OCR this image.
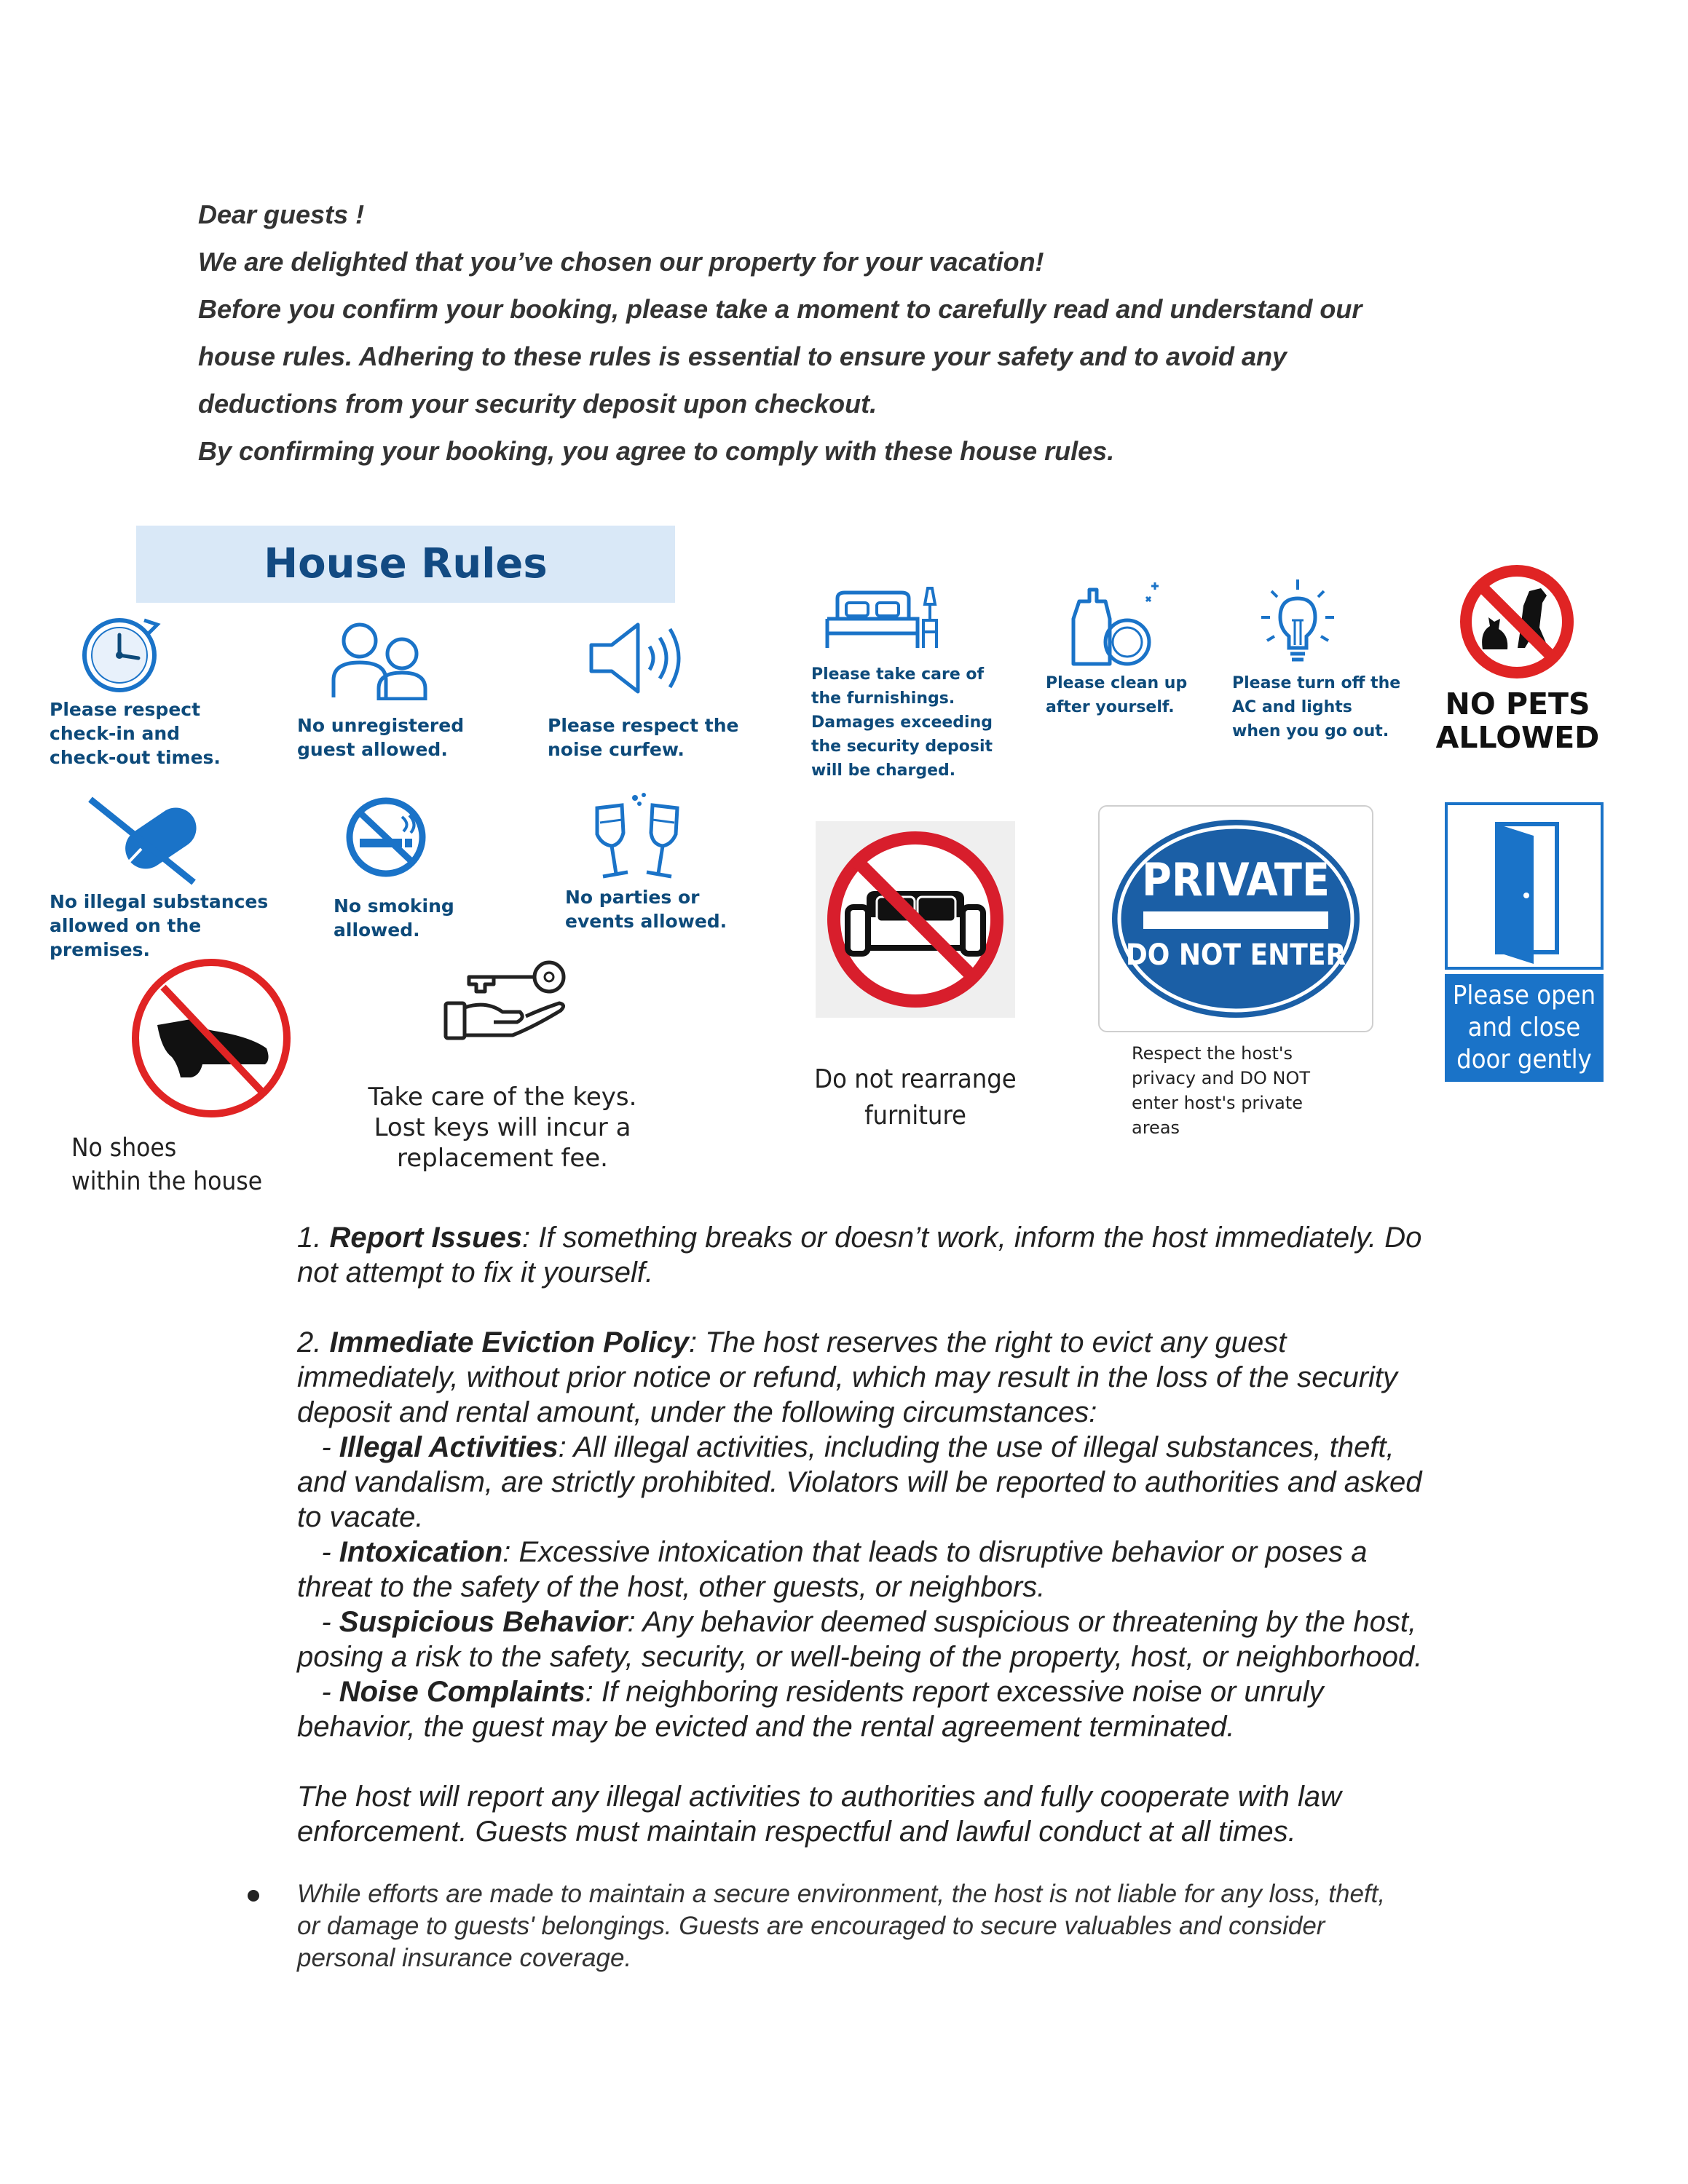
Dear guests !

We are delighted that you’ve chosen our property for your vacation!

Before you confirm your booking, please take a moment to carefully read and understand our

house rules. Adhering to these rules is essential to ensure your safety and to avoid any

deductions from your security deposit upon checkout.

By confirming your booking, you agree to comply with these house rules.

House Rules
Please respect
check-in and
check-out times.
No unregistered
guest allowed.
Please respect the
noise curfew.
Please take care of
the furnishings.
Damages exceeding
the security deposit
will be charged.
Please clean up
after yourself.
Please turn off the
AC and lights
when you go out.
NO PETS
ALLOWED
No illegal substances
allowed on the
premises.
No smoking
allowed.
No parties or
events allowed.
No shoes
within the house
Take care of the keys.
Lost keys will incur a
replacement fee.
Do not rearrange
furniture
PRIVATE
DO NOT ENTER
Respect the host's
privacy and DO NOT
enter host's private
areas
Please open
and close
door gently

1. Report Issues: If something breaks or doesn’t work, inform the host immediately. Do

not attempt to fix it yourself.

2. Immediate Eviction Policy: The host reserves the right to evict any guest

immediately, without prior notice or refund, which may result in the loss of the security

deposit and rental amount, under the following circumstances:

- Illegal Activities: All illegal activities, including the use of illegal substances, theft,

and vandalism, are strictly prohibited. Violators will be reported to authorities and asked

to vacate.

- Intoxication: Excessive intoxication that leads to disruptive behavior or poses a

threat to the safety of the host, other guests, or neighbors.

- Suspicious Behavior: Any behavior deemed suspicious or threatening by the host,

posing a risk to the safety, security, or well-being of the property, host, or neighborhood.

- Noise Complaints: If neighboring residents report excessive noise or unruly

behavior, the guest may be evicted and the rental agreement terminated.

The host will report any illegal activities to authorities and fully cooperate with law

enforcement. Guests must maintain respectful and lawful conduct at all times.

While efforts are made to maintain a secure environment, the host is not liable for any loss, theft,

or damage to guests' belongings. Guests are encouraged to secure valuables and consider

personal insurance coverage.
